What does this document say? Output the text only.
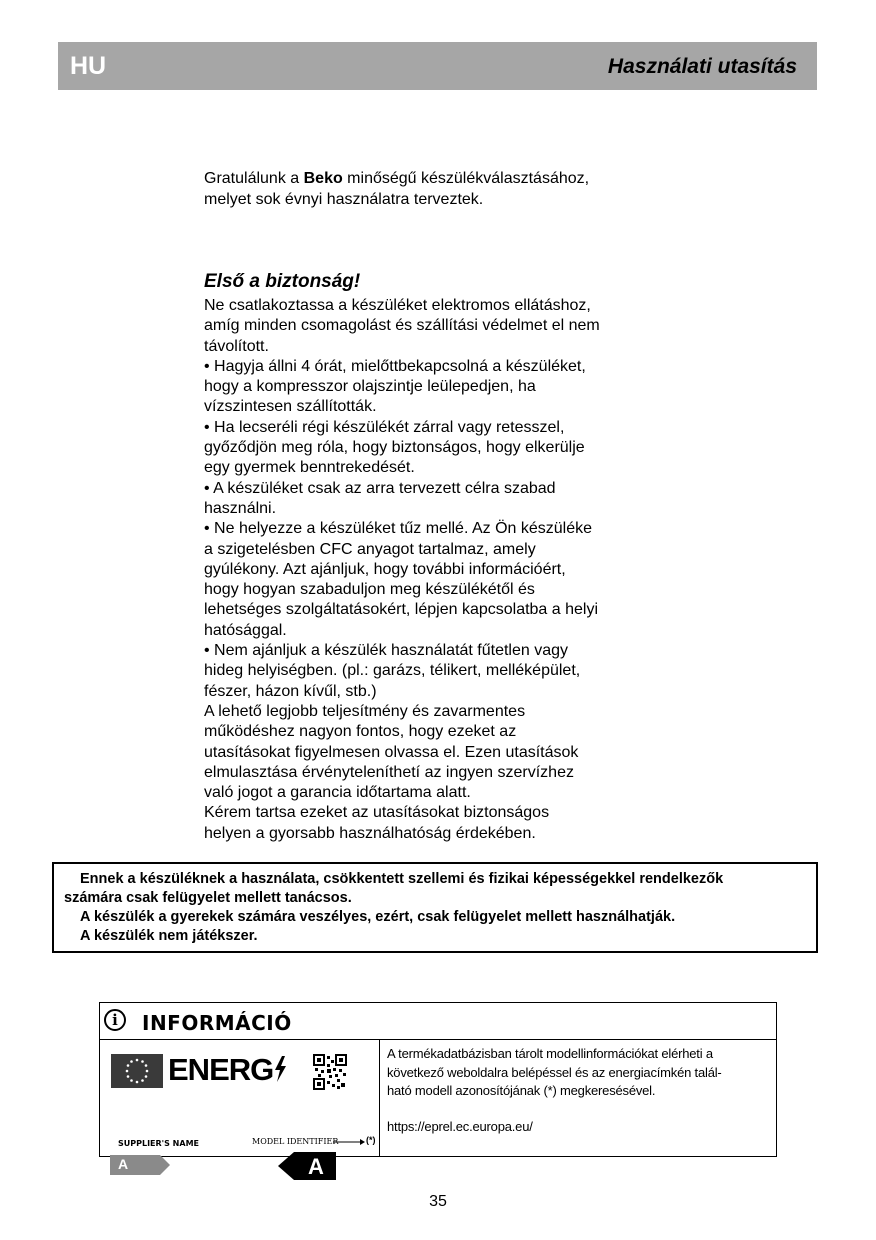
HU	Használati utasítás
Gratulálunk a Beko minőségű készülékválasztásához,
melyet sok évnyi használatra terveztek.
Első a biztonság!
Ne csatlakoztassa a készüléket elektromos ellátáshoz,
amíg minden csomagolást és szállítási védelmet el nem
távolított.
• Hagyja állni 4 órát, mielőttbekapcsolná a készüléket,
hogy a kompresszor olajszintje leülepedjen, ha
vízszintesen szállították.
• Ha lecseréli régi készülékét zárral vagy retesszel,
győződjön meg róla, hogy biztonságos, hogy elkerülje
egy gyermek benntrekedését.
• A készüléket csak az arra tervezett célra szabad
használni.
• Ne helyezze a készüléket tűz mellé. Az Ön készüléke
a szigetelésben CFC anyagot tartalmaz, amely
gyúlékony. Azt ajánljuk, hogy további információért,
hogy hogyan szabaduljon meg készülékétől és
lehetséges szolgáltatásokért, lépjen kapcsolatba a helyi
hatósággal.
• Nem ajánljuk a készülék használatát fűtetlen vagy
hideg helyiségben. (pl.: garázs, télikert, melléképület,
fészer, házon kívűl, stb.)
A lehető legjobb teljesítmény és zavarmentes
működéshez nagyon fontos, hogy ezeket az
utasításokat figyelmesen olvassa el. Ezen utasítások
elmulasztása érvényteleníthetí az ingyen szervízhez
való jogot a garancia időtartama alatt.
Kérem tartsa ezeket az utasításokat biztonságos
helyen a gyorsabb használhatóság érdekében.
Ennek a készüléknek a használata, csökkentett szellemi és fizikai képességekkel rendelkezők
számára csak felügyelet mellett tanácsos.
A készülék a gyerekek számára veszélyes, ezért, csak felügyelet mellett használhatják.
A készülék nem játékszer.
i	INFORMÁCIÓ
ENERG
SUPPLIER'S NAME	MODEL IDENTIFIER	(*)
A	A
A termékadatbázisban tárolt modellinformációkat elérheti a
következő weboldalra belépéssel és az energiacímkén talál-
ható modell azonosítójának (*) megkeresésével.
https://eprel.ec.europa.eu/
35
